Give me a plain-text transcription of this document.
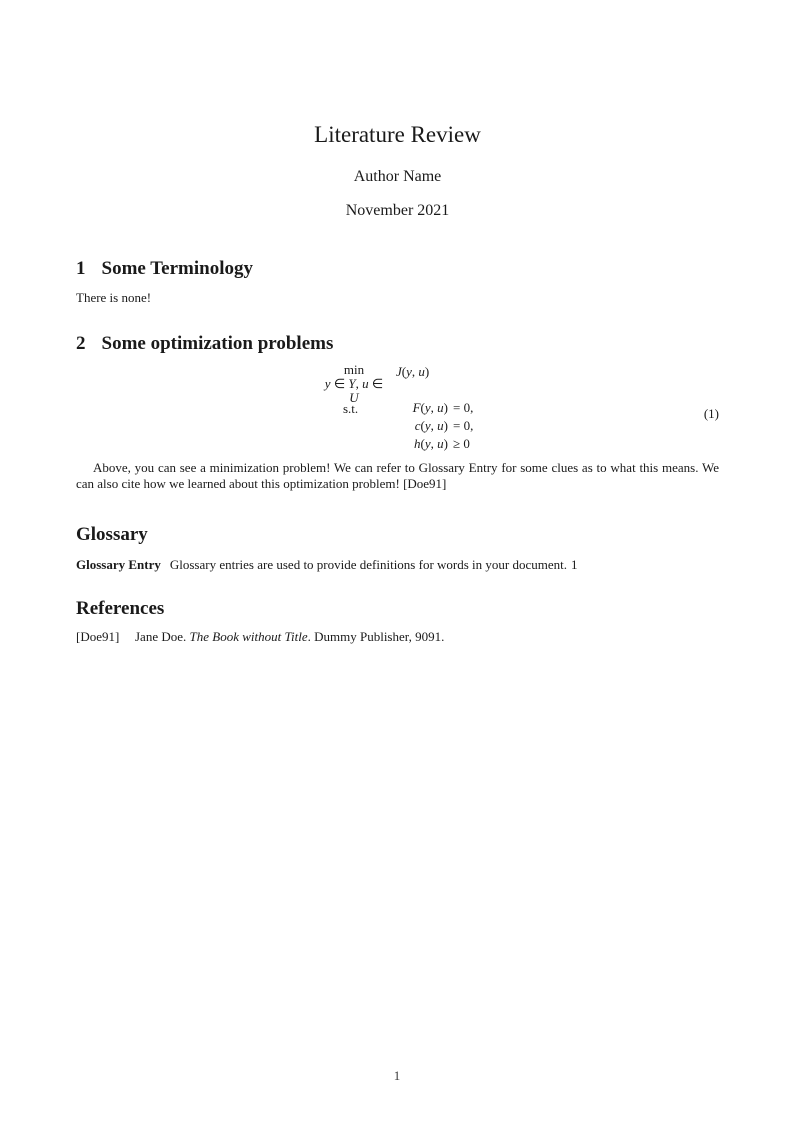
Literature Review
Author Name
November 2021
1 Some Terminology
There is none!
2 Some optimization problems
min
y ∈ Y, u ∈ U
J(y, u)
s.t.	F(y, u) = 0,
c(y, u) = 0,
h(y, u) ≥ 0
(1)
Above, you can see a minimization problem! We can refer to Glossary Entry for some clues as to what this means. We can also cite how we learned about this optimization problem! [Doe91]
Glossary
Glossary Entry Glossary entries are used to provide definitions for words in your document. 1
References
[Doe91] Jane Doe. The Book without Title. Dummy Publisher, 9091.
1
